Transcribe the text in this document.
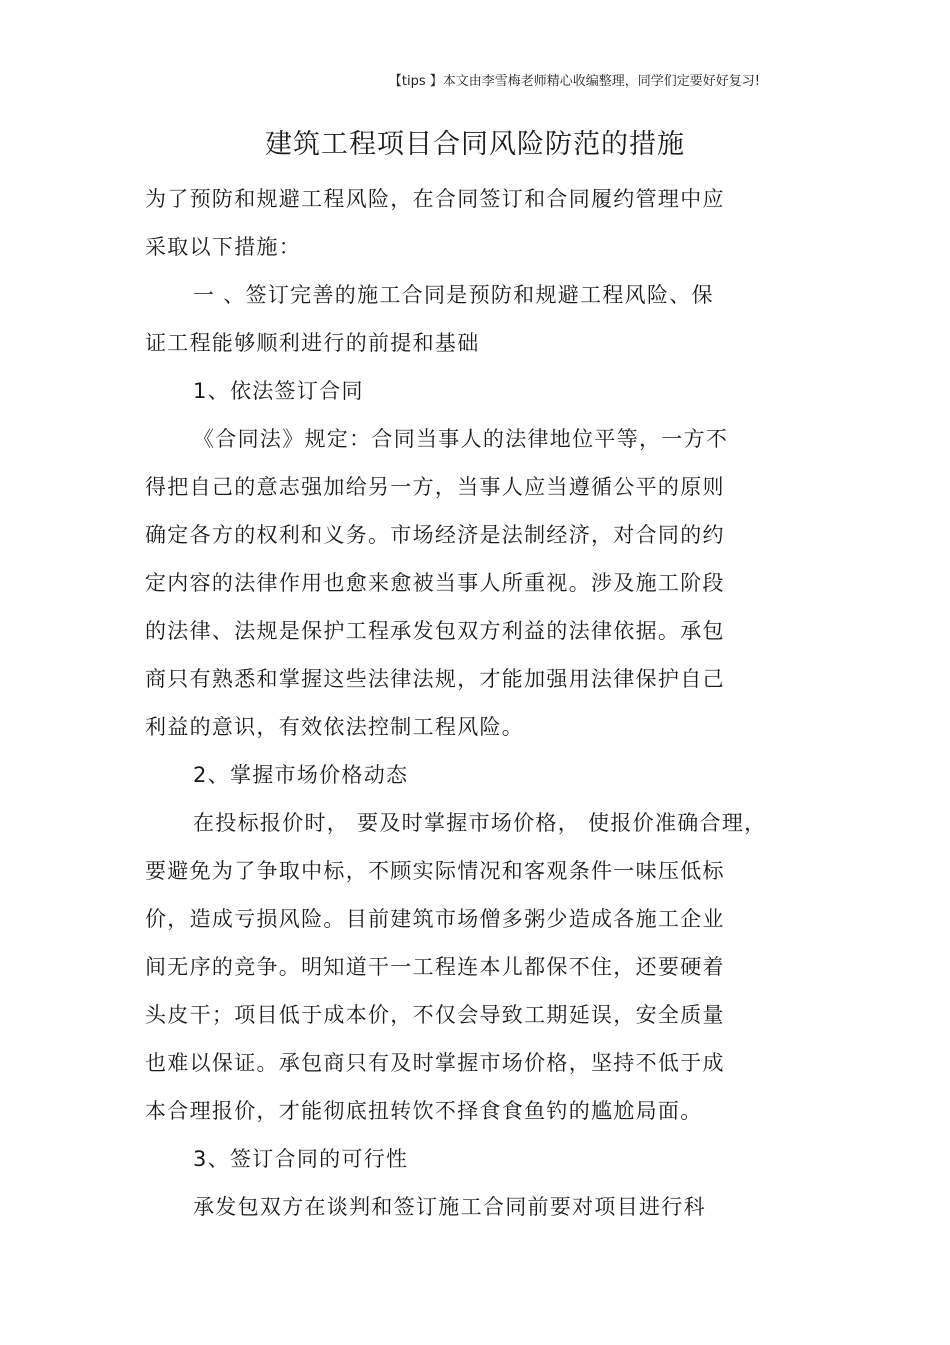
【tips 】本文由李雪梅老师精心收编整理，同学们定要好好复习!
建筑工程项目合同风险防范的措施
为了预防和规避工程风险，在合同签订和合同履约管理中应
采取以下措施：
一 、签订完善的施工合同是预防和规避工程风险、保
证工程能够顺利进行的前提和基础
1、依法签订合同
《合同法》规定：合同当事人的法律地位平等，一方不
得把自己的意志强加给另一方，当事人应当遵循公平的原则
确定各方的权利和义务。市场经济是法制经济，对合同的约
定内容的法律作用也愈来愈被当事人所重视。涉及施工阶段
的法律、法规是保护工程承发包双方利益的法律依据。承包
商只有熟悉和掌握这些法律法规，才能加强用法律保护自己
利益的意识，有效依法控制工程风险。
2、掌握市场价格动态
在投标报价时， 要及时掌握市场价格， 使报价准确合理，
要避免为了争取中标，不顾实际情况和客观条件一味压低标
价，造成亏损风险。目前建筑市场僧多粥少造成各施工企业
间无序的竞争。明知道干一工程连本儿都保不住，还要硬着
头皮干；项目低于成本价，不仅会导致工期延误，安全质量
也难以保证。承包商只有及时掌握市场价格，坚持不低于成
本合理报价，才能彻底扭转饮不择食食鱼钓的尴尬局面。
3、签订合同的可行性
承发包双方在谈判和签订施工合同前要对项目进行科
